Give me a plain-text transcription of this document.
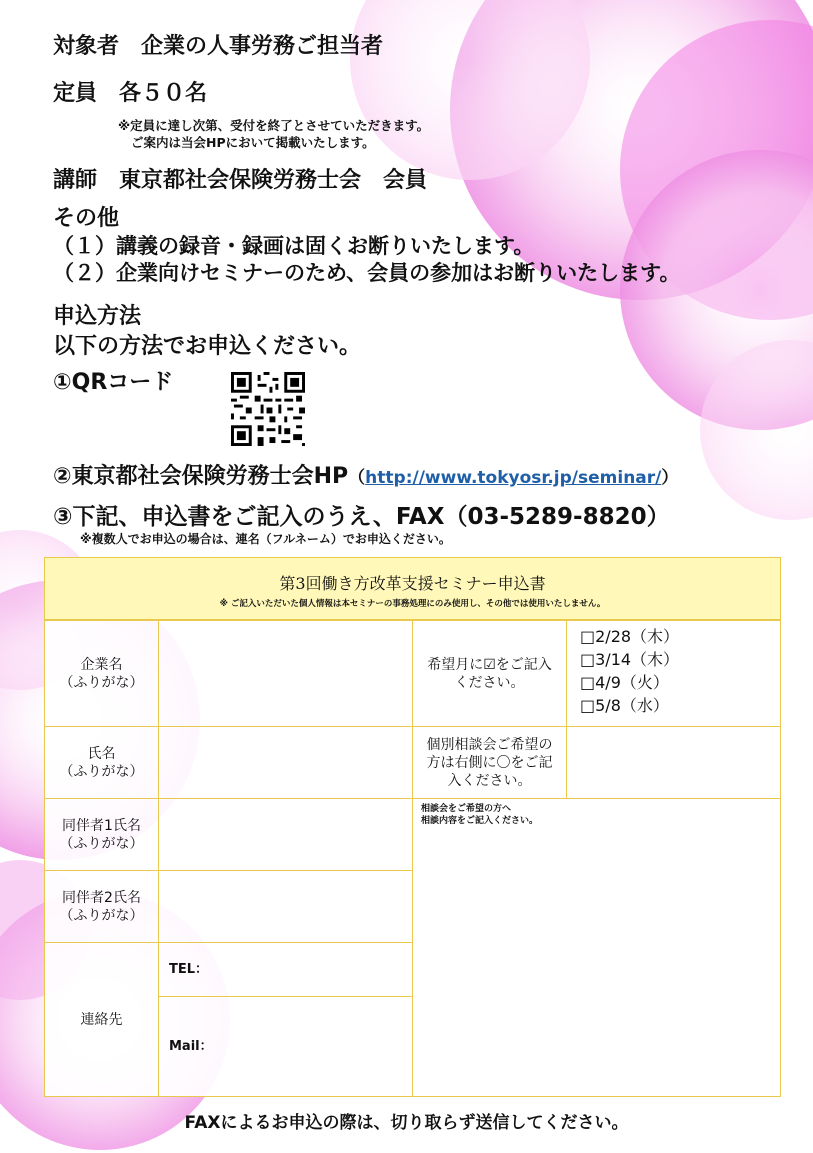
対象者　 企業の人事労務ご担当者
定員　 各５０名
※定員に達し次第、受付を終了とさせていただきます。
ご案内は当会HPにおいて掲載いたします。
講師　 東京都社会保険労務士会　会員
その他
（１）講義の録音・録画は固くお断りいたします。
（２）企業向けセミナーのため、会員の参加はお断りいたします。
申込方法
以下の方法でお申込ください。
①QRコード
②東京都社会保険労務士会HP（http://www.tokyosr.jp/seminar/）
③下記、申込書をご記入のうえ、FAX（03-5289-8820）
※複数人でお申込の場合は、連名（フルネーム）でお申込ください。
第3回働き方改革支援セミナー申込書
※ ご記入いただいた個人情報は本セミナーの事務処理にのみ使用し、その他では使用いたしません。
企業名
（ふりがな）
希望月に☑をご記入ください。
□2/28（木）
□3/14（木）
□4/9（火）
□5/8（水）
氏名
（ふりがな）
個別相談会ご希望の方は右側に〇をご記入ください。
同伴者1氏名
（ふりがな）
同伴者2氏名
（ふりがな）
相談会をご希望の方へ
相談内容をご記入ください。
連絡先
TEL：
Mail：
FAXによるお申込の際は、切り取らず送信してください。
